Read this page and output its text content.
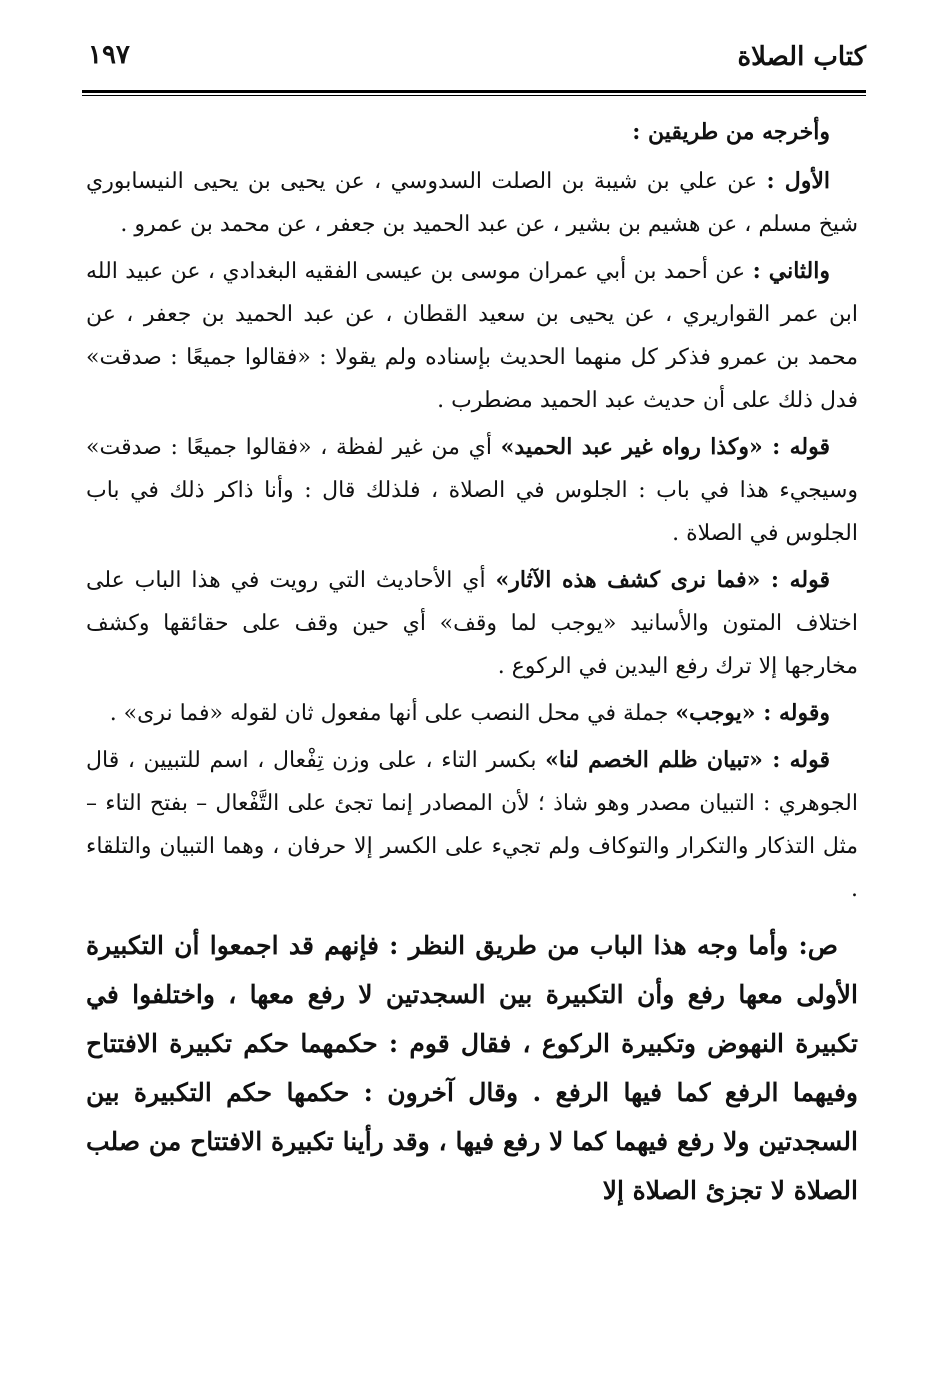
كتاب الصلاة
١٩٧

وأخرجه من طريقين :

الأول : عن علي بن شيبة بن الصلت السدوسي ، عن يحيى بن يحيى النيسابوري شيخ مسلم ، عن هشيم بن بشير ، عن عبد الحميد بن جعفر ، عن محمد بن عمرو .

والثاني : عن أحمد بن أبي عمران موسى بن عيسى الفقيه البغدادي ، عن عبيد الله ابن عمر القواريري ، عن يحيى بن سعيد القطان ، عن عبد الحميد بن جعفر ، عن محمد بن عمرو فذكر كل منهما الحديث بإسناده ولم يقولا : «فقالوا جميعًا : صدقت» فدل ذلك على أن حديث عبد الحميد مضطرب .

قوله : «وكذا رواه غير عبد الحميد» أي من غير لفظة ، «فقالوا جميعًا : صدقت» وسيجيء هذا في باب : الجلوس في الصلاة ، فلذلك قال : وأنا ذاكر ذلك في باب الجلوس في الصلاة .

قوله : «فما نرى كشف هذه الآثار» أي الأحاديث التي رويت في هذا الباب على اختلاف المتون والأسانيد «يوجب لما وقف» أي حين وقف على حقائقها وكشف مخارجها إلا ترك رفع اليدين في الركوع .

وقوله : «يوجب» جملة في محل النصب على أنها مفعول ثان لقوله «فما نرى» .

قوله : «تبيان ظلم الخصم لنا» بكسر التاء ، على وزن تِفْعال ، اسم للتبيين ، قال الجوهري : التبيان مصدر وهو شاذ ؛ لأن المصادر إنما تجئ على التَّفْعال – بفتح التاء – مثل التذكار والتكرار والتوكاف ولم تجيء على الكسر إلا حرفان ، وهما التبيان والتلقاء .

ص: وأما وجه هذا الباب من طريق النظر : فإنهم قد اجمعوا أن التكبيرة الأولى معها رفع وأن التكبيرة بين السجدتين لا رفع معها ، واختلفوا في تكبيرة النهوض وتكبيرة الركوع ، فقال قوم : حكمهما حكم تكبيرة الافتتاح وفيهما الرفع كما فيها الرفع . وقال آخرون : حكمها حكم التكبيرة بين السجدتين ولا رفع فيهما كما لا رفع فيها ، وقد رأينا تكبيرة الافتتاح من صلب الصلاة لا تجزئ الصلاة إلا
